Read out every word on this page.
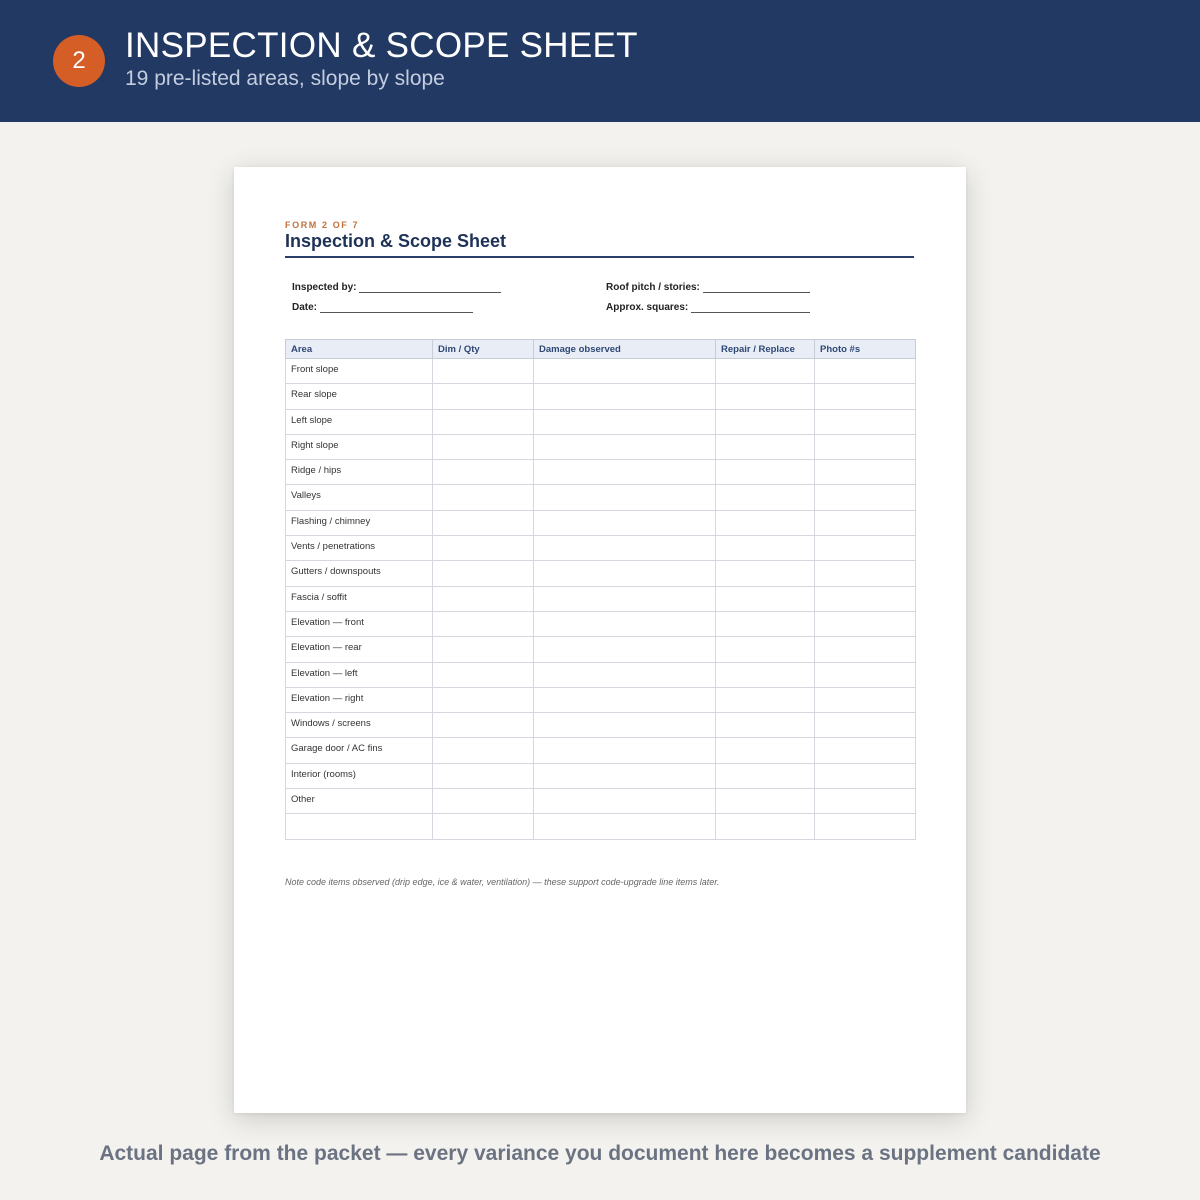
2	INSPECTION & SCOPE SHEET
19 pre-listed areas, slope by slope
FORM 2 OF 7
Inspection & Scope Sheet
Inspected by:
Date:
Roof pitch / stories:
Approx. squares:
Area	Dim / Qty	Damage observed	Repair / Replace	Photo #s
Front slope				
Rear slope				
Left slope				
Right slope				
Ridge / hips				
Valleys				
Flashing / chimney				
Vents / penetrations				
Gutters / downspouts				
Fascia / soffit				
Elevation — front				
Elevation — rear				
Elevation — left				
Elevation — right				
Windows / screens				
Garage door / AC fins				
Interior (rooms)				
Other				

Note code items observed (drip edge, ice & water, ventilation) — these support code-upgrade line items later.
Actual page from the packet — every variance you document here becomes a supplement candidate
